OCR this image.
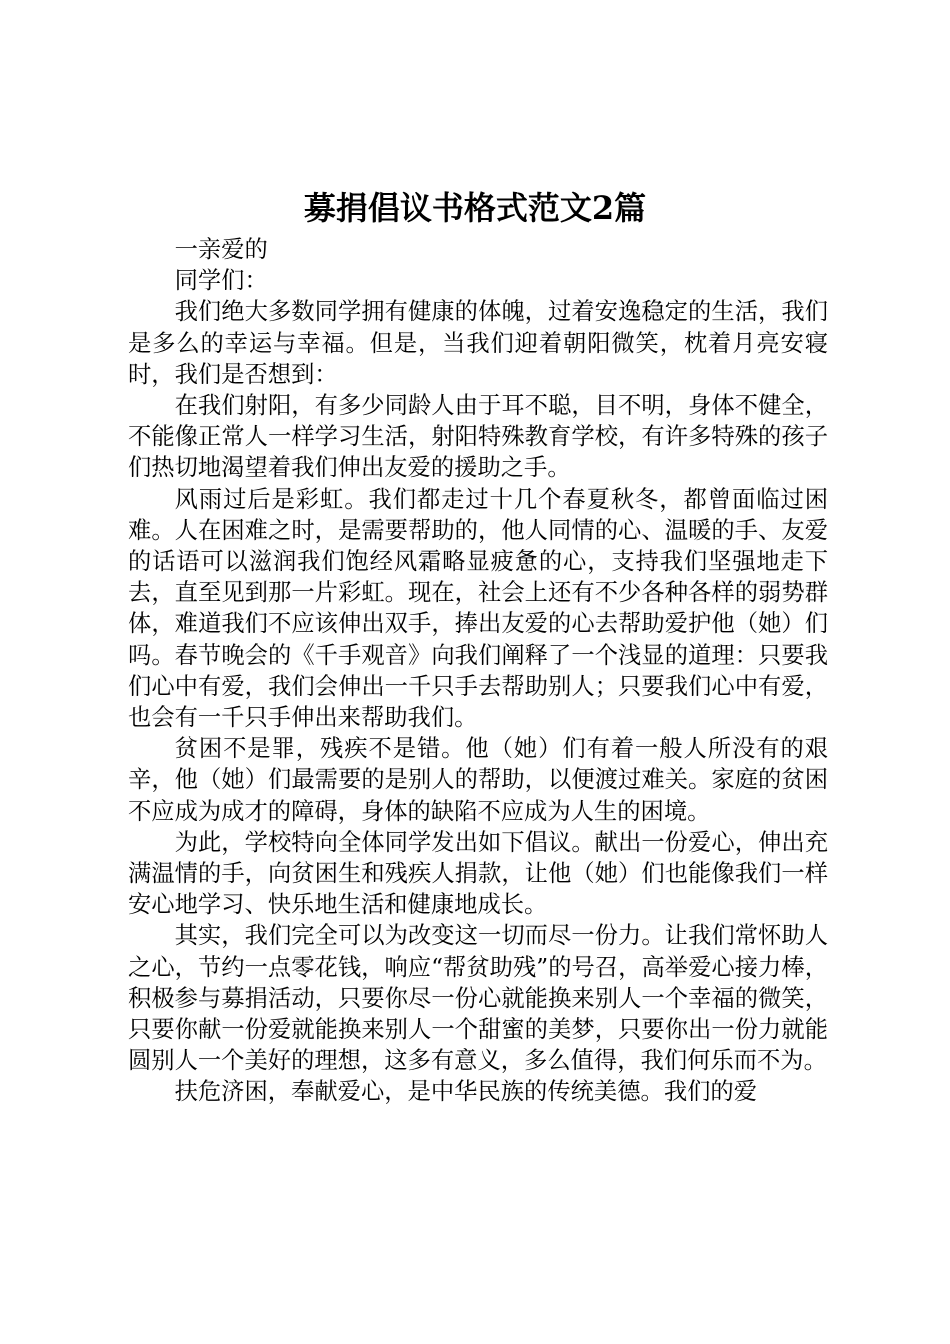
募捐倡议书格式范文2篇

一亲爱的

同学们：

我们绝大多数同学拥有健康的体魄，过着安逸稳定的生活，我们是多么的幸运与幸福。但是，当我们迎着朝阳微笑，枕着月亮安寝时，我们是否想到：

在我们射阳，有多少同龄人由于耳不聪，目不明，身体不健全，不能像正常人一样学习生活，射阳特殊教育学校，有许多特殊的孩子们热切地渴望着我们伸出友爱的援助之手。

风雨过后是彩虹。我们都走过十几个春夏秋冬，都曾面临过困难。人在困难之时，是需要帮助的，他人同情的心、温暖的手、友爱的话语可以滋润我们饱经风霜略显疲惫的心，支持我们坚强地走下去，直至见到那一片彩虹。现在，社会上还有不少各种各样的弱势群体，难道我们不应该伸出双手，捧出友爱的心去帮助爱护他（她）们吗。春节晚会的《千手观音》向我们阐释了一个浅显的道理：只要我们心中有爱，我们会伸出一千只手去帮助别人；只要我们心中有爱，也会有一千只手伸出来帮助我们。

贫困不是罪，残疾不是错。他（她）们有着一般人所没有的艰辛，他（她）们最需要的是别人的帮助，以便渡过难关。家庭的贫困不应成为成才的障碍，身体的缺陷不应成为人生的困境。

为此，学校特向全体同学发出如下倡议。献出一份爱心，伸出充满温情的手，向贫困生和残疾人捐款，让他（她）们也能像我们一样安心地学习、快乐地生活和健康地成长。

其实，我们完全可以为改变这一切而尽一份力。让我们常怀助人之心，节约一点零花钱，响应“帮贫助残”的号召，高举爱心接力棒，积极参与募捐活动，只要你尽一份心就能换来别人一个幸福的微笑，只要你献一份爱就能换来别人一个甜蜜的美梦，只要你出一份力就能圆别人一个美好的理想，这多有意义，多么值得，我们何乐而不为。

扶危济困，奉献爱心，是中华民族的传统美德。我们的爱
